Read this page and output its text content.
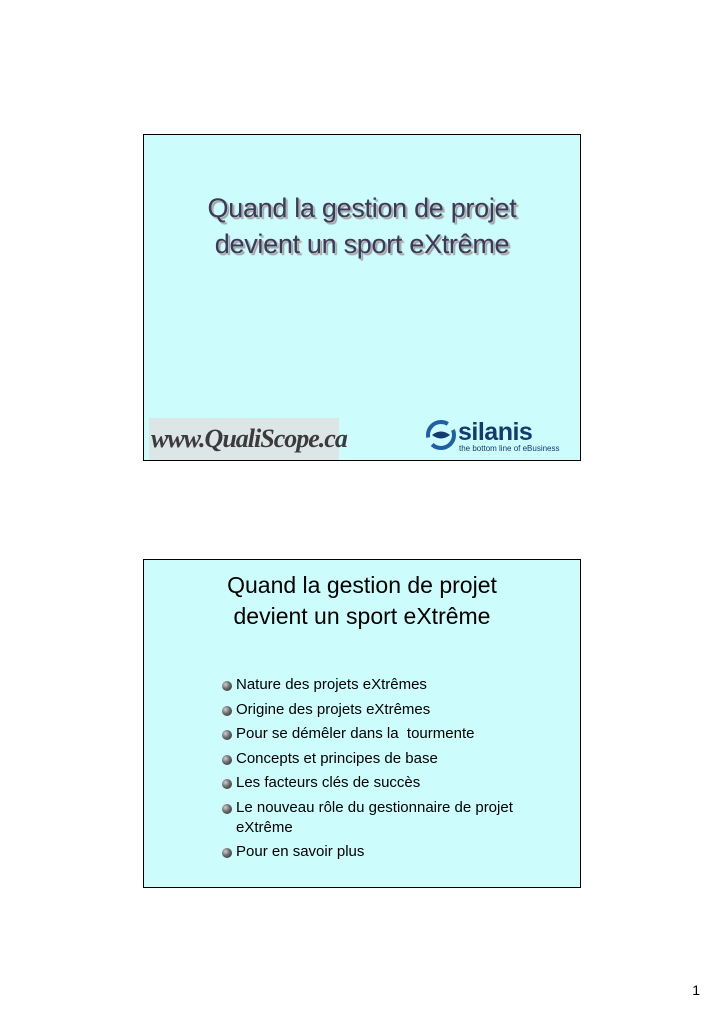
Quand la gestion de projet devient un sport eXtrême
www.QualiScope.ca	silanis
the bottom line of eBusiness
Quand la gestion de projet devient un sport eXtrême
Nature des projets eXtrêmes
Origine des projets eXtrêmes
Pour se démêler dans la  tourmente
Concepts et principes de base
Les facteurs clés de succès
Le nouveau rôle du gestionnaire de projet eXtrême
Pour en savoir plus
1
